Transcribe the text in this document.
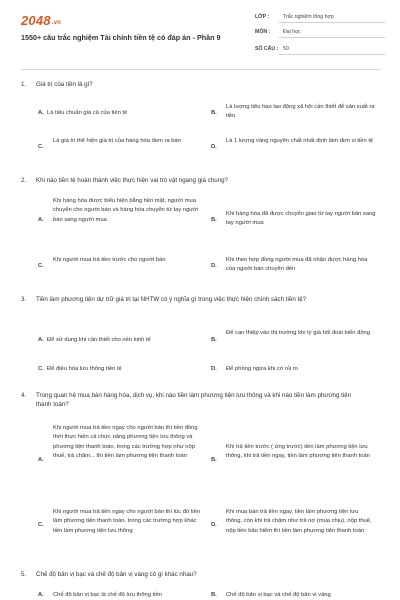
2048.vn
1550+ câu trắc nghiệm Tài chính tiền tệ có đáp án - Phần 9
LỚP :	Trắc nghiệm tổng hợp
MÔN : Đại học
SỐ CÂU : 50
1. Giá trị của tiền là gì?
A. Là tiêu chuẩn giá cả của tiền tệ	B.
Là lượng tiêu hao lao động xã hội cần thiết để sản xuất ra tiền
C.
Là giá trị thể hiện giá trị của hàng hóa đem ra bán
D.
Là 1 lượng vàng nguyên chất nhất định làm đơn vị tiền tệ
2. Khi nào tiền tệ hoàn thành việc thực hiện vai trò vật ngang giá chung?
A.
Khi hàng hóa được biểu hiện bằng tiền mặt, người mua chuyển cho người bán và hàng hóa chuyển từ tay người bán sang người mua	B.
Khi hàng hóa đã được chuyển giao từ tay người bán sang tay người mua
C.
Khi người mua trả tiền trước cho người bán
D.
Khi theo hợp đồng người mua đã nhận được hàng hóa của người bán chuyển đến
3. Tiền làm phương tiện dự trữ giá trị tại NHTW có ý nghĩa gì trong việc thực hiện chính sách tiền tệ?
A. Để sử dụng khi cần thiết cho nền kinh tế	B.
Để can thiệp vào thị trường khi tỷ giá hối đoái biến động
C. Để điều hòa lưu thông tiền tệ	D. Để phòng ngừa khi có rủi ro
4. Trong quan hệ mua bán hàng hóa, dịch vụ, khi nào tiền làm phương tiện lưu thông và khi nào tiền làm phương tiện thanh toán?
A.
Khi người mua trả tiền ngay cho người bán thì tiền đồng thời thực hiện cả chức năng phương tiện lưu thông và phương tiện thanh toán, trong các trường hợp như nộp thuế, trả chậm... thì tiền làm phương tiện thanh toán
B.
Khi trả tiền trước ( ứng trước) tiền làm phương tiện lưu thông, khi trả tiền ngay, tiền làm phương tiện thanh toán
C.
Khi người mua trả tiền ngay cho người bán thì lúc đó tiền làm phương tiện thanh toán, trong các trường hợp khác tiền làm phương tiện lưu thông
D.
Khi mua bán trả tiền ngay, tiền làm phương tiện lưu thông, còn khi trả chậm như trả nợ (mua chịu), nộp thuế, nộp tiền bảo hiểm thì tiền làm phương tiện thanh toán
5. Chế độ bản vị bạc và chế độ bản vị vàng có gì khác nhau?
A. Chế độ bản vị bạc là chế độ lưu thông tiền	B. Chế độ bản vị bạc và chế độ bản vị vàng
